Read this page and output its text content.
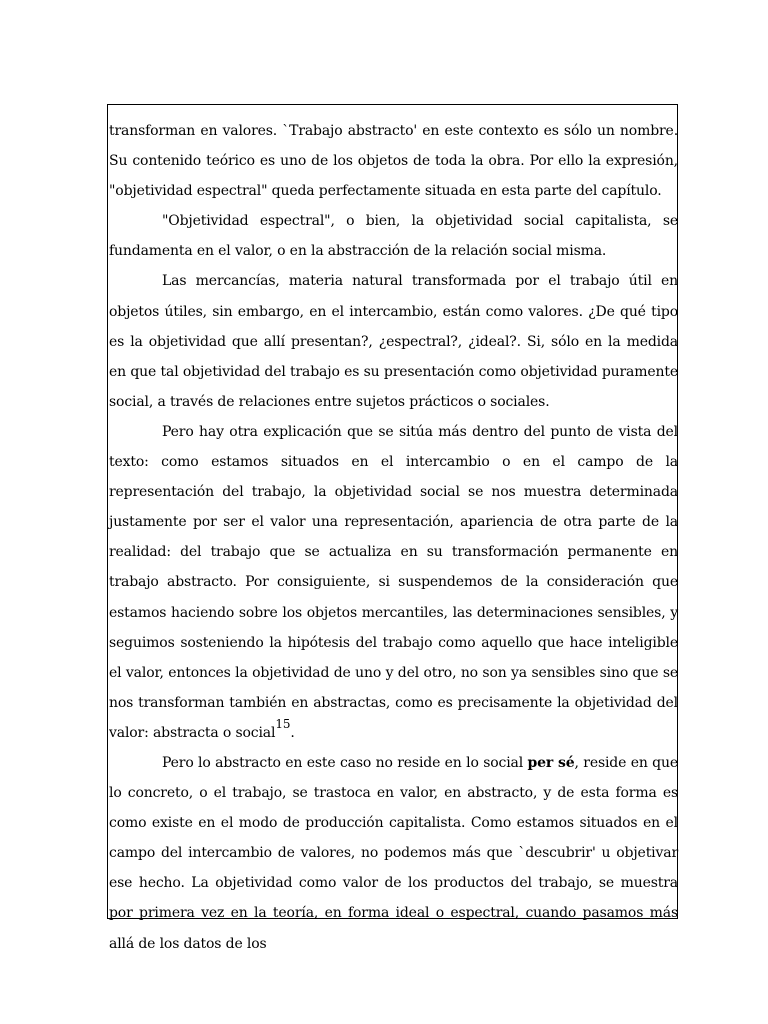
transforman en valores. `Trabajo abstracto' en este contexto es sólo un nombre. Su contenido teórico es uno de los objetos de toda la obra. Por ello la expresión, "objetividad espectral" queda perfectamente situada en esta parte del capítulo.

"Objetividad espectral", o bien, la objetividad social capitalista, se fundamenta en el valor, o en la abstracción de la relación social misma.

Las mercancías, materia natural transformada por el trabajo útil en objetos útiles, sin embargo, en el intercambio, están como valores. ¿De qué tipo es la objetividad que allí presentan?, ¿espectral?, ¿ideal?. Si, sólo en la medida en que tal objetividad del trabajo es su presentación como objetividad puramente social, a través de relaciones entre sujetos prácticos o sociales.

Pero hay otra explicación que se sitúa más dentro del punto de vista del texto: como estamos situados en el intercambio o en el campo de la representación del trabajo, la objetividad social se nos muestra determinada justamente por ser el valor una representación, apariencia de otra parte de la realidad: del trabajo que se actualiza en su transformación permanente en trabajo abstracto. Por consiguiente, si suspendemos de la consideración que estamos haciendo sobre los objetos mercantiles, las determinaciones sensibles, y seguimos sosteniendo la hipótesis del trabajo como aquello que hace inteligible el valor, entonces la objetividad de uno y del otro, no son ya sensibles sino que se nos transforman también en abstractas, como es precisamente la objetividad del valor: abstracta o social$^{15}$.

Pero lo abstracto en este caso no reside en lo social per sé, reside en que lo concreto, o el trabajo, se trastoca en valor, en abstracto, y de esta forma es como existe en el modo de producción capitalista. Como estamos situados en el campo del intercambio de valores, no podemos más que `descubrir' u objetivar ese hecho. La objetividad como valor de los productos del trabajo, se muestra por primera vez en la teoría, en forma ideal o espectral, cuando pasamos más allá de los datos de los
